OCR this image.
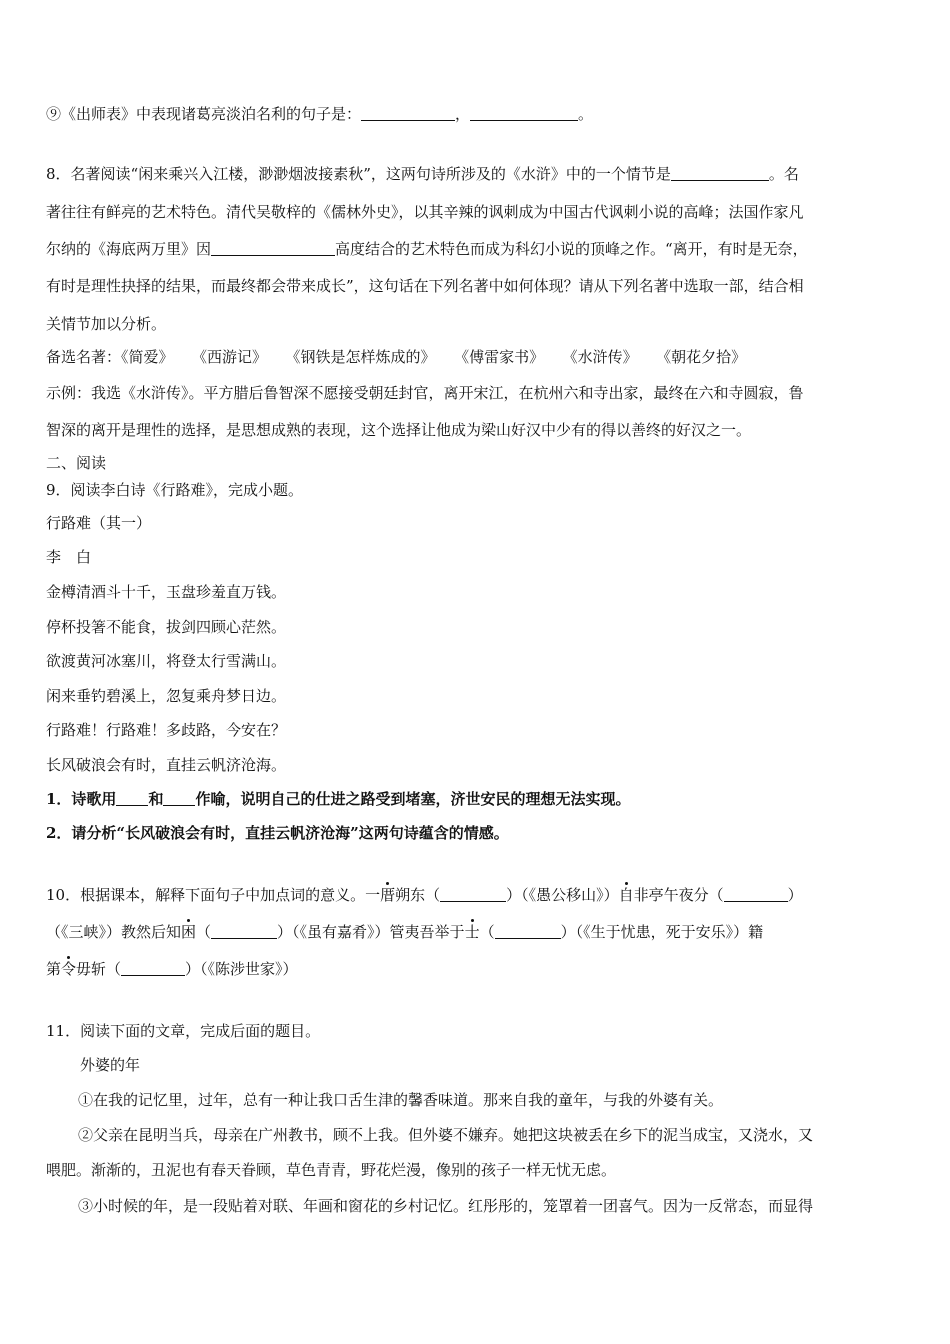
⑨《出师表》中表现诸葛亮淡泊名利的句子是：	，	。
8．名著阅读“闲来乘兴入江楼，渺渺烟波接素秋”，这两句诗所涉及的《水浒》中的一个情节是	。名
著往往有鲜亮的艺术特色。清代吴敬梓的《儒林外史》，以其辛辣的讽刺成为中国古代讽刺小说的高峰；法国作家凡
尔纳的《海底两万里》因	高度结合的艺术特色而成为科幻小说的顶峰之作。“离开，有时是无奈，
有时是理性抉择的结果，而最终都会带来成长”，这句话在下列名著中如何体现？请从下列名著中选取一部，结合相
关情节加以分析。
备选名著：《简爱》 《西游记》 《钢铁是怎样炼成的》 《傅雷家书》 《水浒传》 《朝花夕拾》
示例：我选《水浒传》。平方腊后鲁智深不愿接受朝廷封官，离开宋江，在杭州六和寺出家，最终在六和寺圆寂，鲁
智深的离开是理性的选择，是思想成熟的表现，这个选择让他成为梁山好汉中少有的得以善终的好汉之一。
二、阅读
9．阅读李白诗《行路难》，完成小题。
行路难（其一）
李　白
金樽清酒斗十千，玉盘珍羞直万钱。
停杯投箸不能食，拔剑四顾心茫然。
欲渡黄河冰塞川，将登太行雪满山。
闲来垂钓碧溪上，忽复乘舟梦日边。
行路难！行路难！多歧路，今安在？
长风破浪会有时，直挂云帆济沧海。
1．诗歌用 和 作喻，说明自己的仕进之路受到堵塞，济世安民的理想无法实现。
2．请分析“长风破浪会有时，直挂云帆济沧海”这两句诗蕴含的情感。
10．根据课本，解释下面句子中加点词的意义。一厝朔东（	）（《愚公移山》）自非亭午夜分（	）
（《三峡》）教然后知困（	）（《虽有嘉肴》）管夷吾举于士（	）（《生于忧患，死于安乐》）籍
第令毋斩（	）（《陈涉世家》）
11．阅读下面的文章，完成后面的题目。
外婆的年
①在我的记忆里，过年，总有一种让我口舌生津的馨香味道。那来自我的童年，与我的外婆有关。
②父亲在昆明当兵，母亲在广州教书，顾不上我。但外婆不嫌弃。她把这块被丢在乡下的泥当成宝，又浇水，又
喂肥。渐渐的，丑泥也有春天眷顾，草色青青，野花烂漫，像别的孩子一样无忧无虑。
③小时候的年，是一段贴着对联、年画和窗花的乡村记忆。红彤彤的，笼罩着一团喜气。因为一反常态，而显得
